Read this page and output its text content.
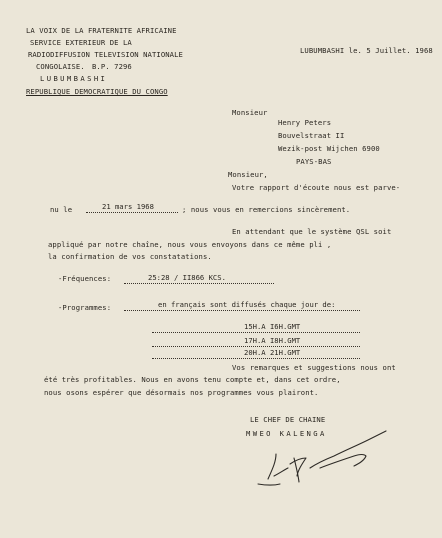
LA VOIX DE LA FRATERNITE AFRICAINE
SERVICE EXTERIEUR DE LA
RADIODIFFUSION TELEVISION NATIONALE
CONGOLAISE. B.P. 7296
LUBUMBASHI
REPUBLIQUE DEMOCRATIQUE DU CONGO
LUBUMBASHI le. 5 Juillet. 1968
Monsieur
Henry Peters
Bouvelstraat II
Wezik-post Wijchen 6900
PAYS-BAS
Monsieur,
Votre rapport d'écoute nous est parve-
nu le	21 mars 1968	; nous vous en remercions sincèrement.
En attendant que le système QSL soit
appliqué par notre chaîne, nous vous envoyons dans ce même pli ,
la confirmation de vos constatations.
-Fréquences:	25:28 / II866 KCS.
-Programmes:	en français sont diffusés chaque jour de:
15H.A I6H.GMT
17H.A I8H.GMT
20H.A 21H.GMT
Vos remarques et suggestions nous ont
été très profitables. Nous en avons tenu compte et, dans cet ordre,
nous osons espérer que désormais nos programmes vous plairont.
LE CHEF DE CHAINE
MWEO KALENGA
